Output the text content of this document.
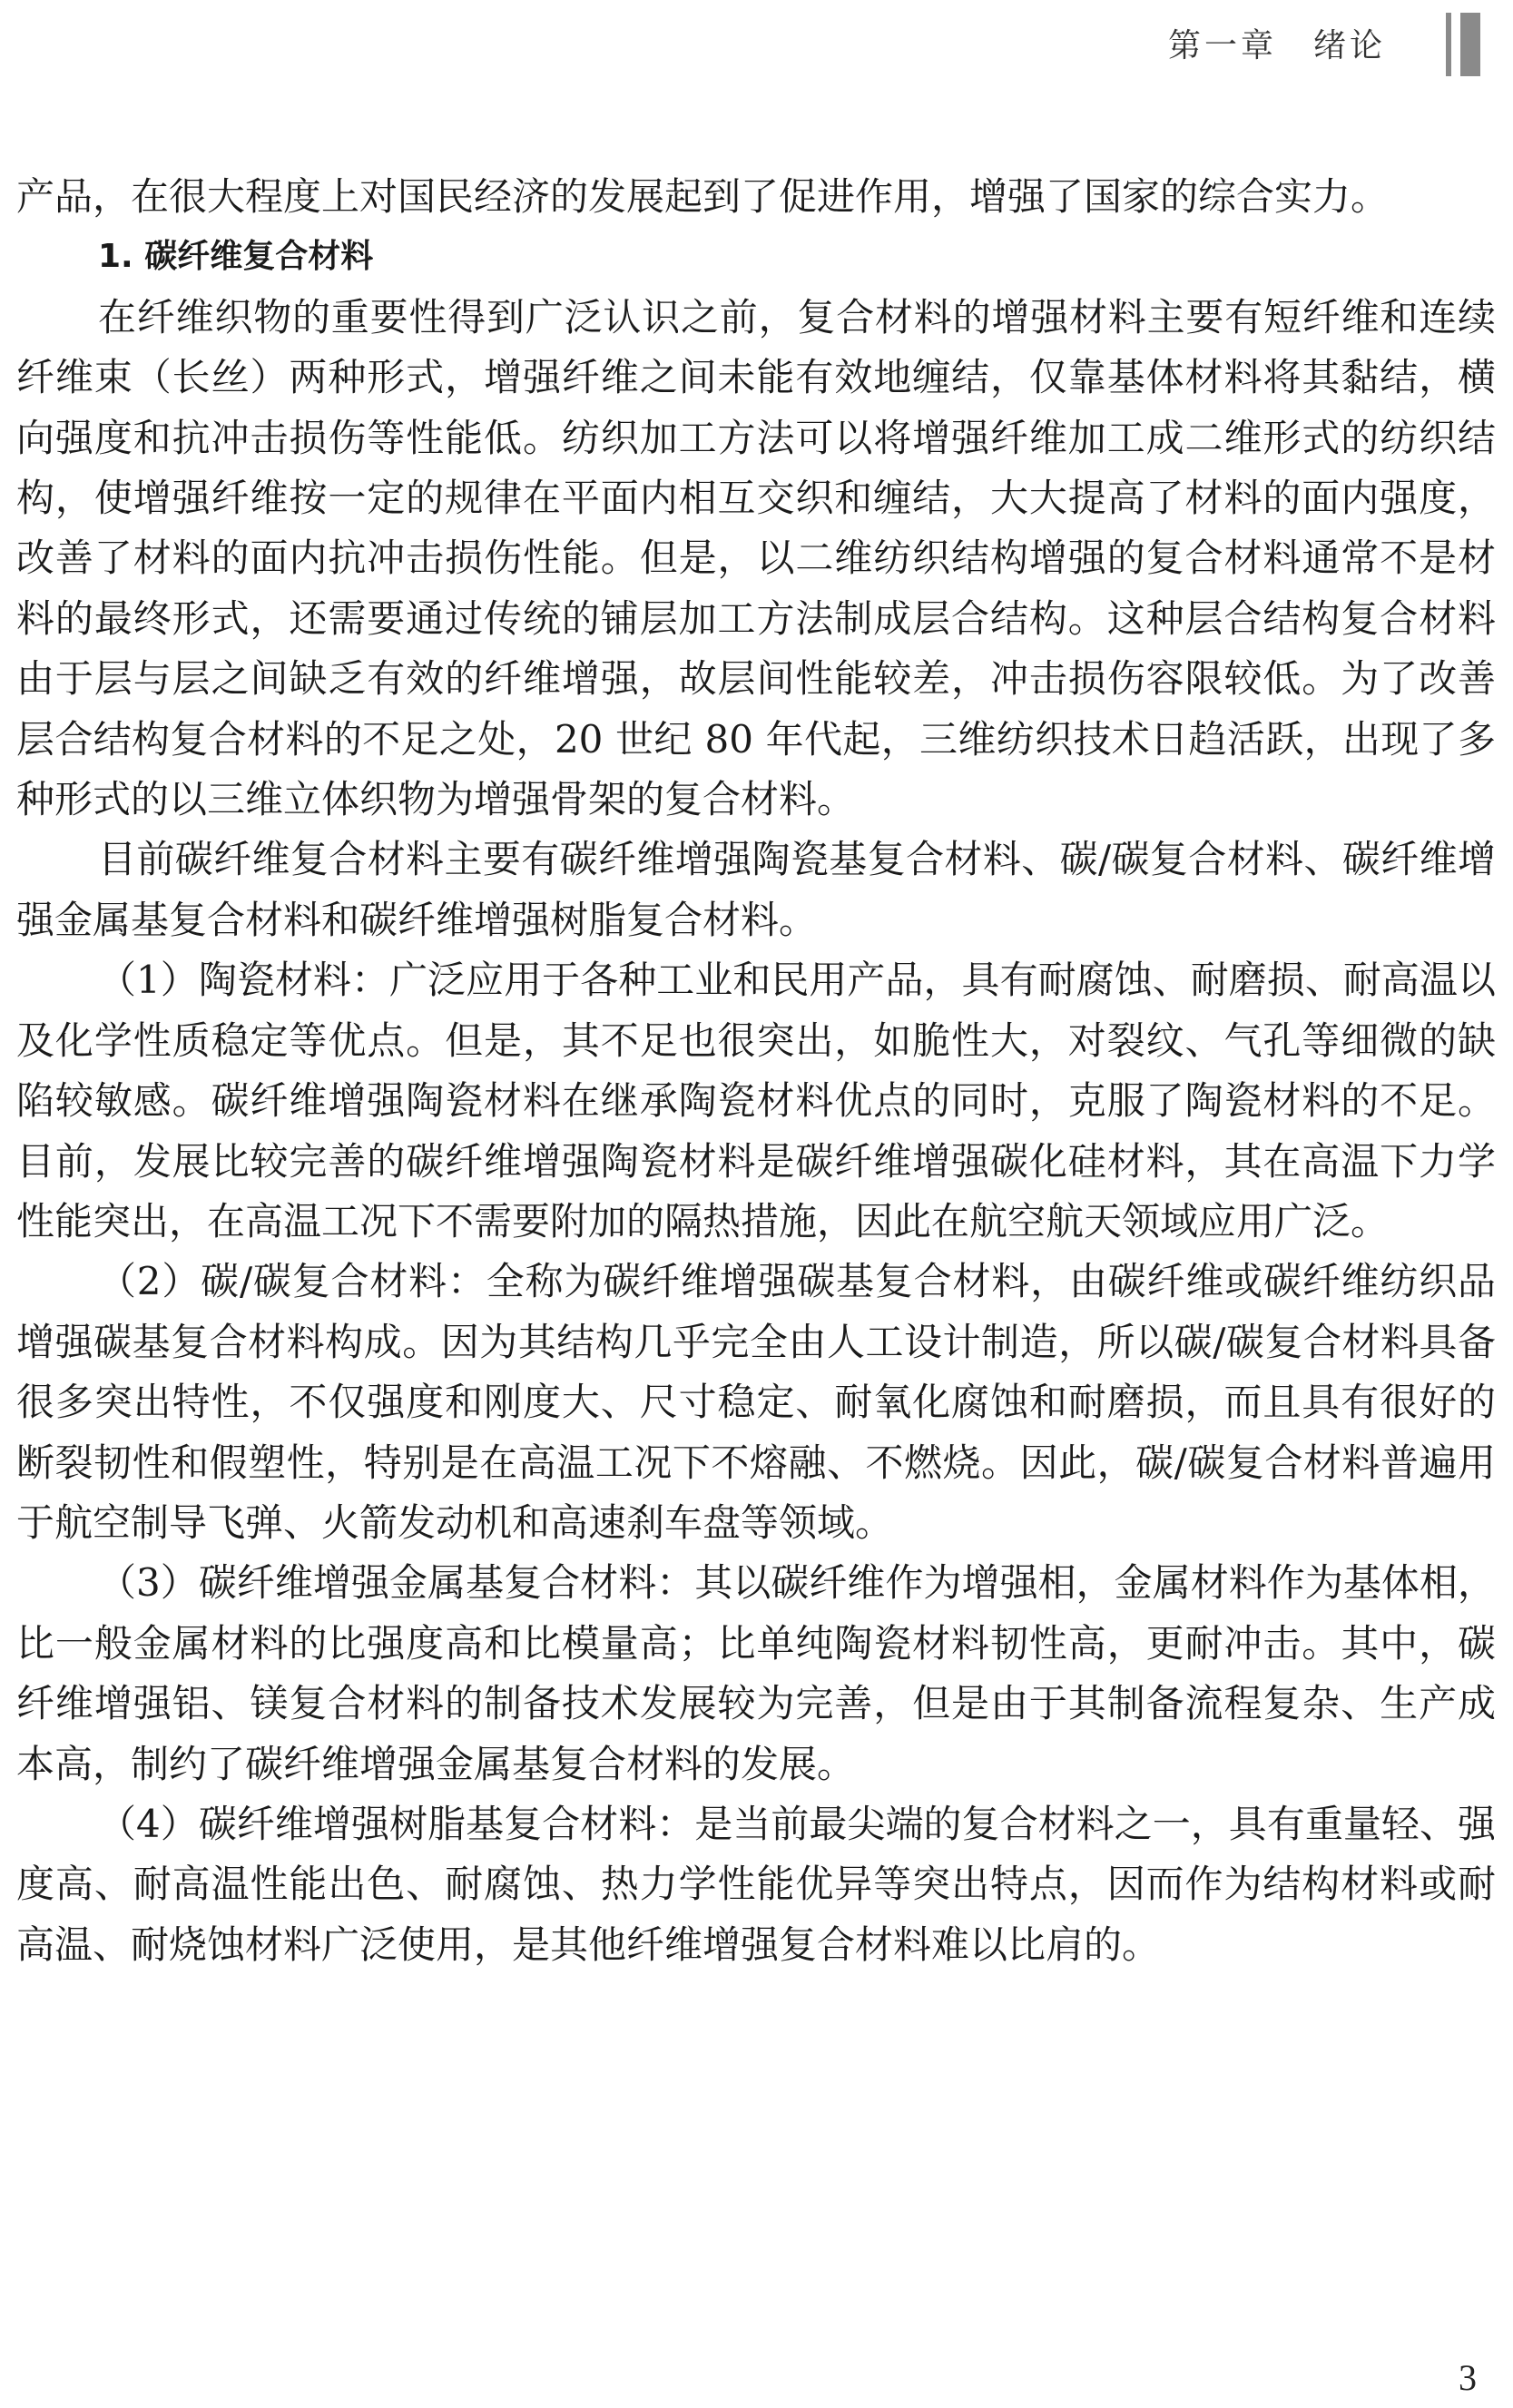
第一章　绪论

产品，在很大程度上对国民经济的发展起到了促进作用，增强了国家的综合实力。

1. 碳纤维复合材料

在纤维织物的重要性得到广泛认识之前，复合材料的增强材料主要有短纤维和连续纤维束（长丝）两种形式，增强纤维之间未能有效地缠结，仅靠基体材料将其黏结，横向强度和抗冲击损伤等性能低。纺织加工方法可以将增强纤维加工成二维形式的纺织结构，使增强纤维按一定的规律在平面内相互交织和缠结，大大提高了材料的面内强度，改善了材料的面内抗冲击损伤性能。但是，以二维纺织结构增强的复合材料通常不是材料的最终形式，还需要通过传统的铺层加工方法制成层合结构。这种层合结构复合材料由于层与层之间缺乏有效的纤维增强，故层间性能较差，冲击损伤容限较低。为了改善层合结构复合材料的不足之处，20 世纪 80 年代起，三维纺织技术日趋活跃，出现了多种形式的以三维立体织物为增强骨架的复合材料。

目前碳纤维复合材料主要有碳纤维增强陶瓷基复合材料、碳/碳复合材料、碳纤维增强金属基复合材料和碳纤维增强树脂复合材料。

（1）陶瓷材料：广泛应用于各种工业和民用产品，具有耐腐蚀、耐磨损、耐高温以及化学性质稳定等优点。但是，其不足也很突出，如脆性大，对裂纹、气孔等细微的缺陷较敏感。碳纤维增强陶瓷材料在继承陶瓷材料优点的同时，克服了陶瓷材料的不足。目前，发展比较完善的碳纤维增强陶瓷材料是碳纤维增强碳化硅材料，其在高温下力学性能突出，在高温工况下不需要附加的隔热措施，因此在航空航天领域应用广泛。

（2）碳/碳复合材料：全称为碳纤维增强碳基复合材料，由碳纤维或碳纤维纺织品增强碳基复合材料构成。因为其结构几乎完全由人工设计制造，所以碳/碳复合材料具备很多突出特性，不仅强度和刚度大、尺寸稳定、耐氧化腐蚀和耐磨损，而且具有很好的断裂韧性和假塑性，特别是在高温工况下不熔融、不燃烧。因此，碳/碳复合材料普遍用于航空制导飞弹、火箭发动机和高速刹车盘等领域。

（3）碳纤维增强金属基复合材料：其以碳纤维作为增强相，金属材料作为基体相，比一般金属材料的比强度高和比模量高；比单纯陶瓷材料韧性高，更耐冲击。其中，碳纤维增强铝、镁复合材料的制备技术发展较为完善，但是由于其制备流程复杂、生产成本高，制约了碳纤维增强金属基复合材料的发展。

（4）碳纤维增强树脂基复合材料：是当前最尖端的复合材料之一，具有重量轻、强度高、耐高温性能出色、耐腐蚀、热力学性能优异等突出特点，因而作为结构材料或耐高温、耐烧蚀材料广泛使用，是其他纤维增强复合材料难以比肩的。

3
